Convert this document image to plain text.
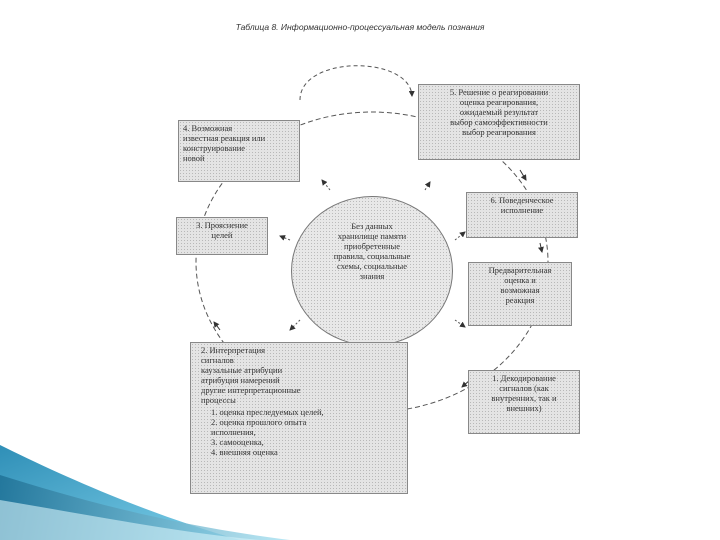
Таблица 8. Информационно-процессуальная модель познания
Без данных
хранилище памяти
приобретенные
правила, социальные
схемы, социальные
знания
5. Решение о реагировании
оценка реагирования,
ожидаемый результат
выбор самоэффективности
выбор реагирования
4. Возможная
известная реакция или
конструирование
новой
3. Прояснение
целей
6. Поведенческое
исполнение
Предварительная
оценка и
возможная
реакция
1. Декодирование
сигналов (как
внутренних, так и
внешних)
2. Интерпретация
сигналов
каузальные атрибуции
атрибуция намерений
другие интерпретационные
процессы
1. оценка преследуемых целей,
2. оценка прошлого опыта
исполнения,
3. самооценка,
4. внешняя оценка
